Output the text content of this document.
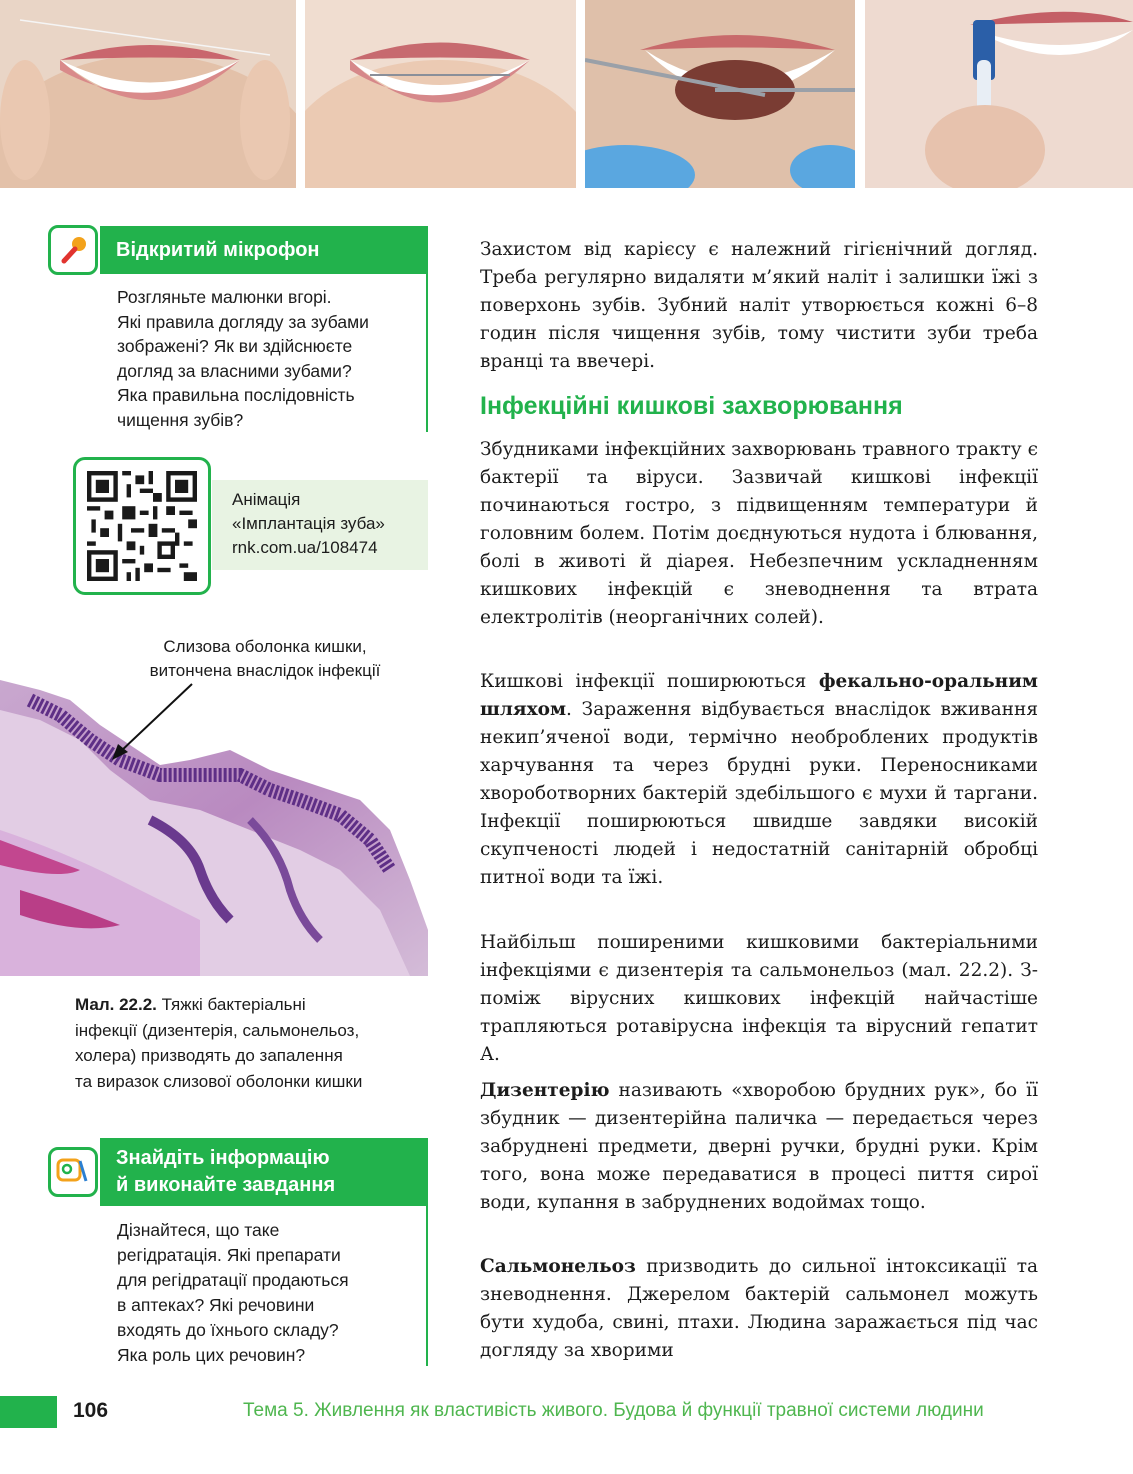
Відкритий мікрофон
Розгляньте малюнки вгорі.
Які правила догляду за зубами
зображені? Як ви здійснюєте
догляд за власними зубами?
Яка правильна послідовність
чищення зубів?
Анімація
«Імплантація зуба»
rnk.com.ua/108474
Слизова оболонка кишки,
витончена внаслідок інфекції
Мал. 22.2. Тяжкі бактеріальні
інфекції (дизентерія, сальмонельоз,
холера) призводять до запалення
та виразок слизової оболонки кишки
Знайдіть інформацію
й виконайте завдання
Дізнайтеся, що таке
регідратація. Які препарати
для регідратації продаються
в аптеках? Які речовини
входять до їхнього складу?
Яка роль цих речовин?

Захистом від карієсу є належний гігієнічний догляд. Треба регулярно видаляти м’який наліт і залишки їжі з поверхонь зубів. Зубний наліт утворюється кожні 6–8 годин після чищення зубів, тому чистити зуби треба вранці та ввечері.

Інфекційні кишкові захворювання

Збудниками інфекційних захворювань травного тракту є бактерії та віруси. Зазвичай кишкові інфекції починаються гостро, з підвищенням температури й головним болем. Потім доєднуються нудота і блювання, болі в животі й діарея. Небезпечним ускладненням кишкових інфекцій є зневоднення та втрата електролітів (неорганічних солей).

Кишкові інфекції поширюються фекально-оральним шляхом. Зараження відбувається внаслідок вживання некип’яченої води, термічно необроблених продуктів харчування та через брудні руки. Переносниками хвороботворних бактерій здебільшого є мухи й таргани. Інфекції поширюються швидше завдяки високій скупченості людей і недостатній санітарній обробці питної води та їжі.

Найбільш поширеними кишковими бактеріальними інфекціями є дизентерія та сальмонельоз (мал. 22.2). З-поміж вірусних кишкових інфекцій найчастіше трапляються ротавірусна інфекція та вірусний гепатит А.

Дизентерію називають «хворобою брудних рук», бо її збудник — дизентерійна паличка — передається через забруднені предмети, дверні ручки, брудні руки. Крім того, вона може передаватися в процесі пиття сирої води, купання в забруднених водоймах тощо.

Сальмонельоз призводить до сильної інтоксикації та зневоднення. Джерелом бактерій сальмонел можуть бути худоба, свині, птахи. Людина заражається під час догляду за хворими

106	Тема 5. Живлення як властивість живого. Будова й функції травної системи людини
